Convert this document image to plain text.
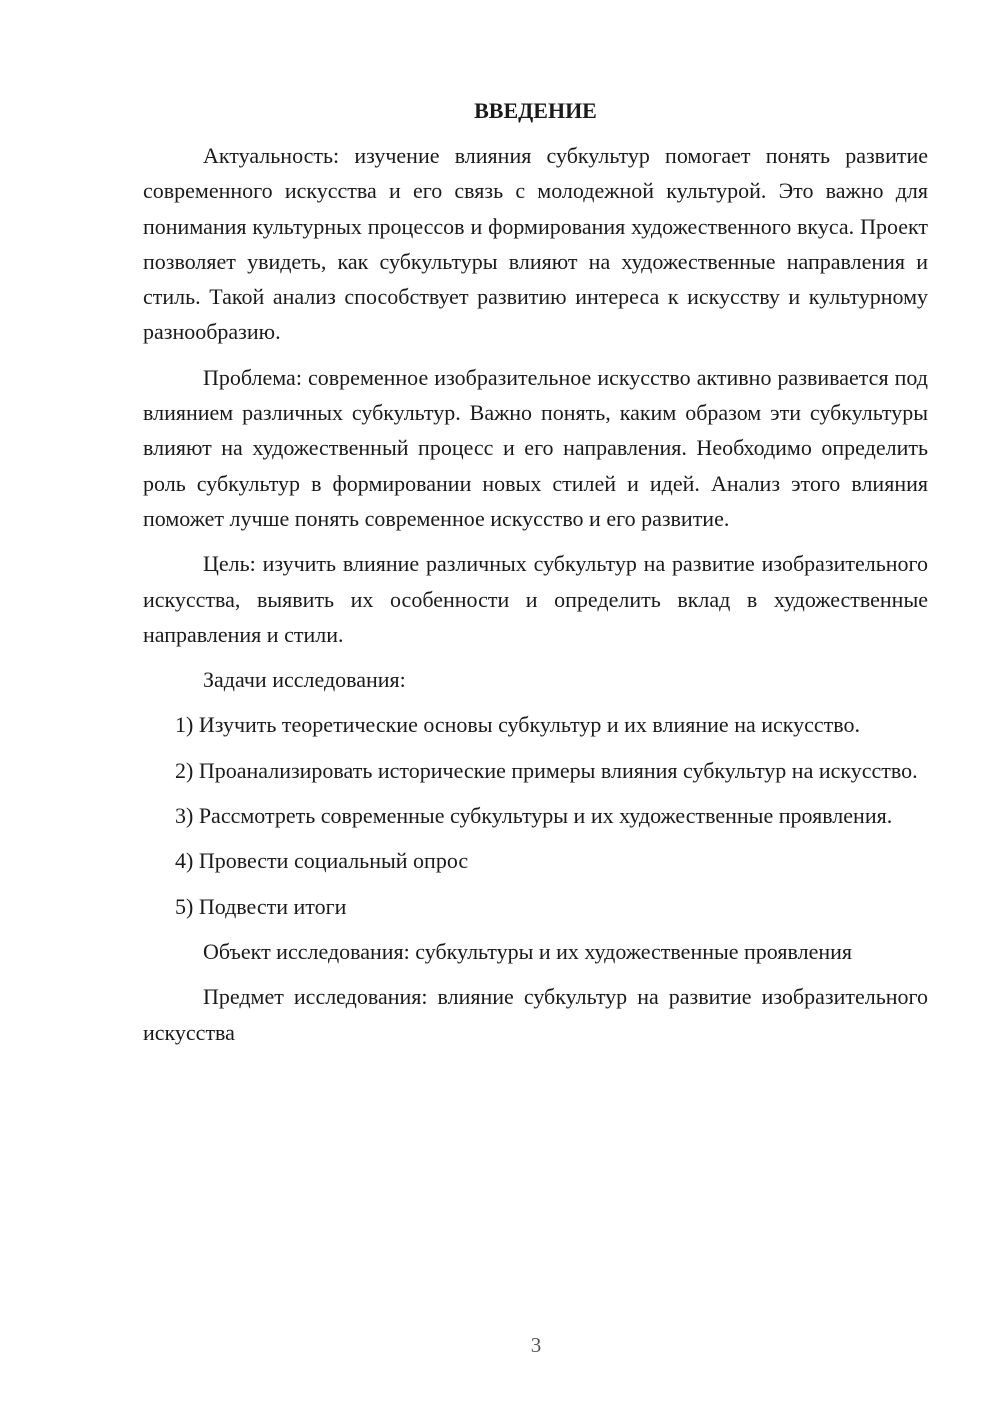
ВВЕДЕНИЕ
Актуальность: изучение влияния субкультур помогает понять развитие современного искусства и его связь с молодежной культурой. Это важно для понимания культурных процессов и формирования художественного вкуса. Проект позволяет увидеть, как субкультуры влияют на художественные направления и стиль. Такой анализ способствует развитию интереса к искусству и культурному разнообразию.
Проблема: современное изобразительное искусство активно развивается под влиянием различных субкультур. Важно понять, каким образом эти субкультуры влияют на художественный процесс и его направления. Необходимо определить роль субкультур в формировании новых стилей и идей. Анализ этого влияния поможет лучше понять современное искусство и его развитие.
Цель: изучить влияние различных субкультур на развитие изобразительного искусства, выявить их особенности и определить вклад в художественные направления и стили.
Задачи исследования:
1) Изучить теоретические основы субкультур и их влияние на искусство.
2) Проанализировать исторические примеры влияния субкультур на искусство.
3) Рассмотреть современные субкультуры и их художественные проявления.
4) Провести социальный опрос
5) Подвести итоги
Объект исследования: субкультуры и их художественные проявления
Предмет исследования: влияние субкультур на развитие изобразительного искусства
3
